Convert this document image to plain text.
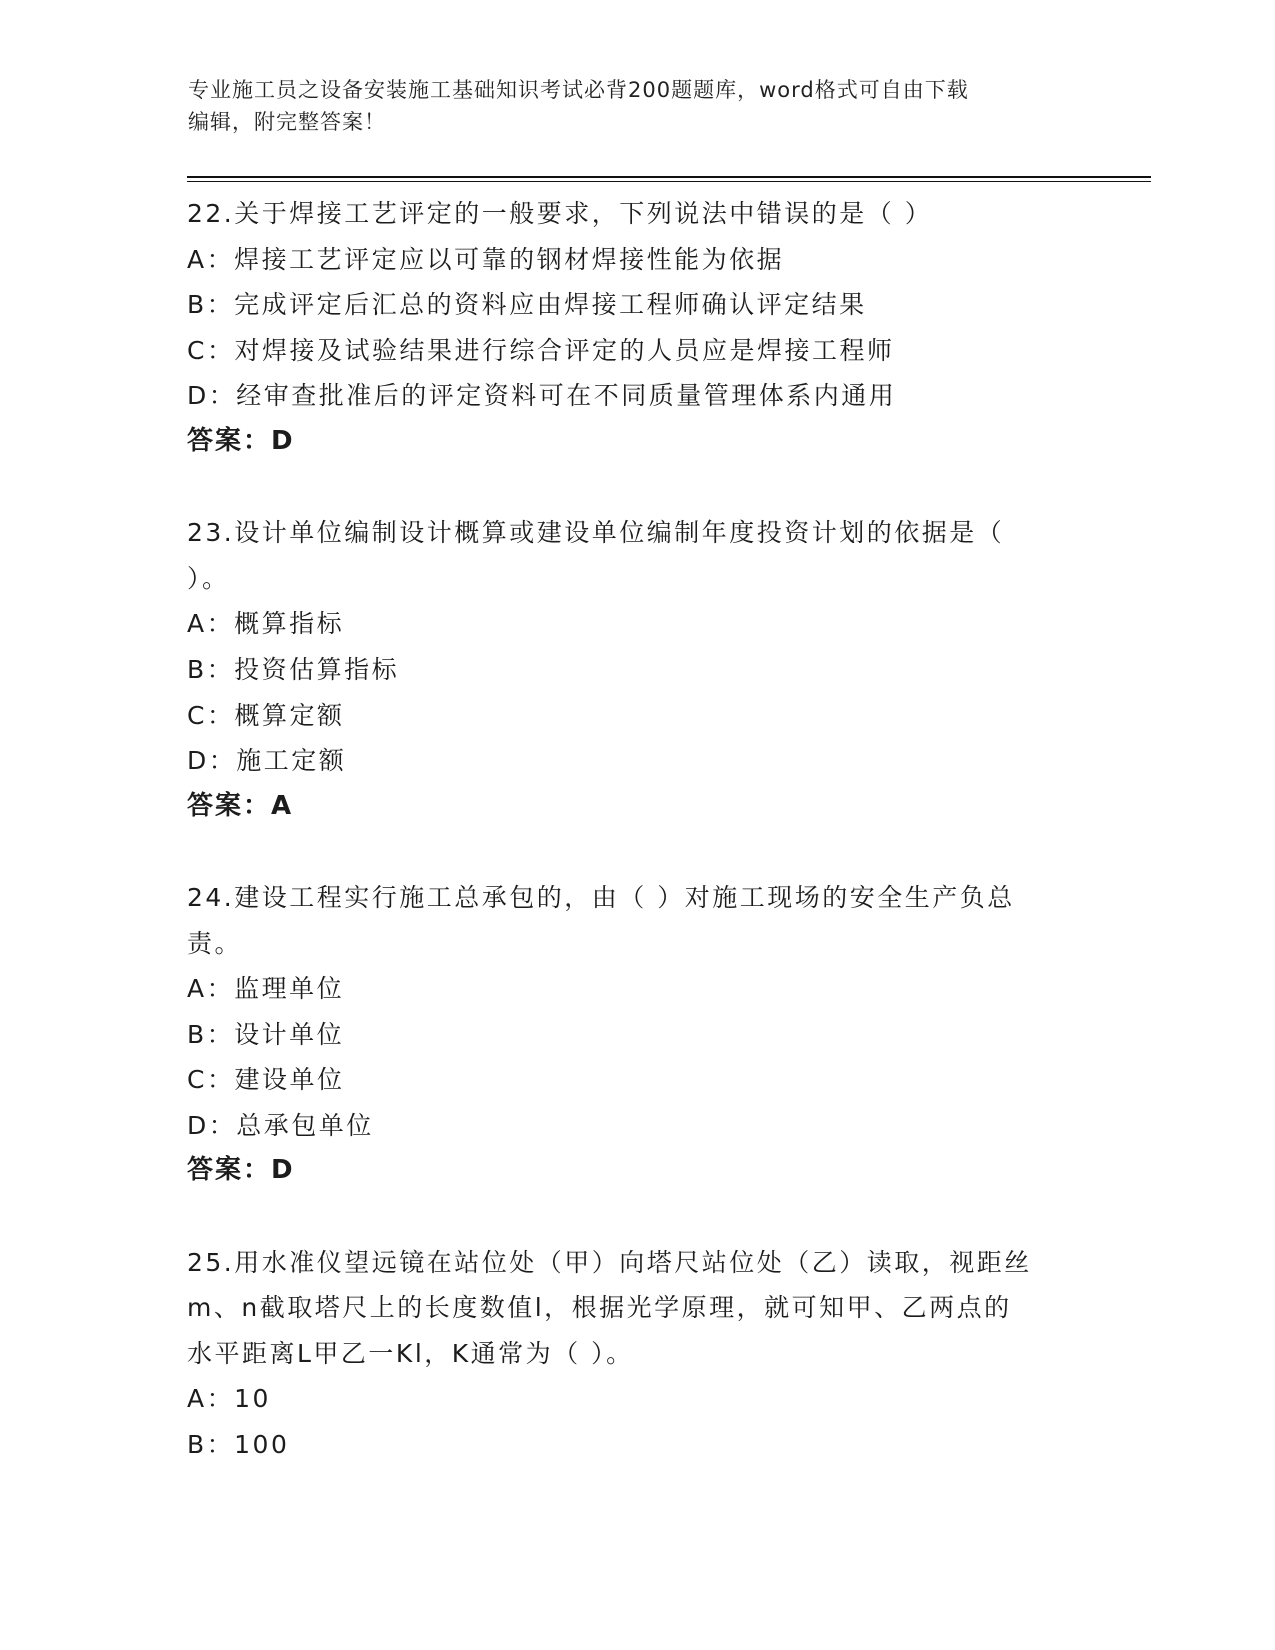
专业施工员之设备安装施工基础知识考试必背200题题库，word格式可自由下载
编辑，附完整答案！
22.关于焊接工艺评定的一般要求，下列说法中错误的是（ ）
A：焊接工艺评定应以可靠的钢材焊接性能为依据
B：完成评定后汇总的资料应由焊接工程师确认评定结果
C：对焊接及试验结果进行综合评定的人员应是焊接工程师
D：经审查批准后的评定资料可在不同质量管理体系内通用
答案：D
23.设计单位编制设计概算或建设单位编制年度投资计划的依据是（
）。
A：概算指标
B：投资估算指标
C：概算定额
D：施工定额
答案：A
24.建设工程实行施工总承包的，由（ ）对施工现场的安全生产负总
责。
A：监理单位
B：设计单位
C：建设单位
D：总承包单位
答案：D
25.用水准仪望远镜在站位处（甲）向塔尺站位处（乙）读取，视距丝
m、n截取塔尺上的长度数值l，根据光学原理，就可知甲、乙两点的
水平距离L甲乙一Kl，K通常为（ ）。
A：10
B：100
